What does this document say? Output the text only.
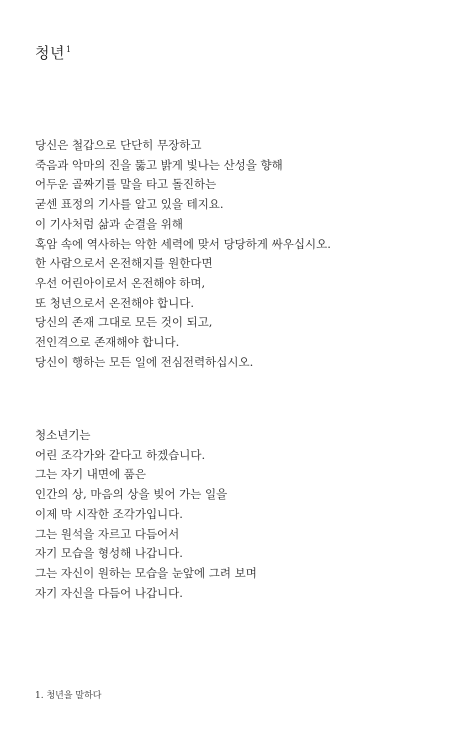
청년$^1$
당신은 철갑으로 단단히 무장하고
죽음과 악마의 진을 뚫고 밝게 빛나는 산성을 향해
어두운 골짜기를 말을 타고 돌진하는
굳센 표정의 기사를 알고 있을 테지요.
이 기사처럼 삶과 순결을 위해
혹암 속에 역사하는 악한 세력에 맞서 당당하게 싸우십시오.
한 사람으로서 온전해지를 원한다면
우선 어린아이로서 온전해야 하며,
또 청년으로서 온전해야 합니다.
당신의 존재 그대로 모든 것이 되고,
전인격으로 존재해야 합니다.
당신이 행하는 모든 일에 전심전력하십시오.
청소년기는
어린 조각가와 같다고 하겠습니다.
그는 자기 내면에 품은
인간의 상, 마음의 상을 빚어 가는 일을
이제 막 시작한 조각가입니다.
그는 원석을 자르고 다듬어서
자기 모습을 형성해 나갑니다.
그는 자신이 원하는 모습을 눈앞에 그려 보며
자기 자신을 다듬어 나갑니다.
1. 청년을 말하다
